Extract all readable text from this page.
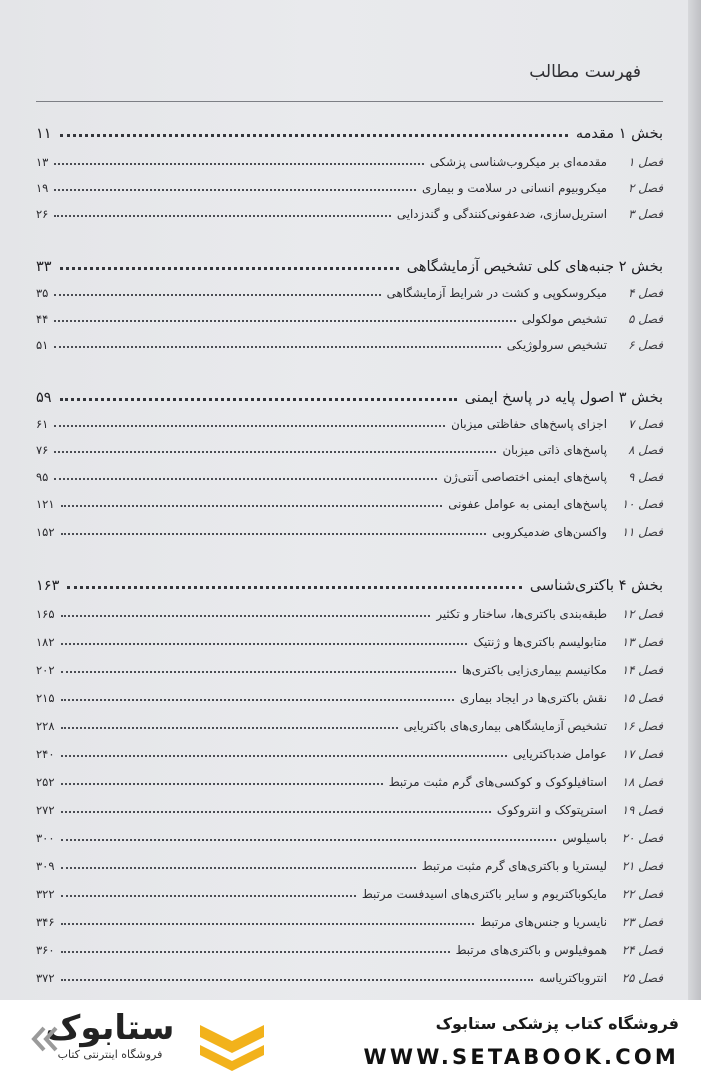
فهرست مطالب
بخش ۱ مقدمه
۱۱
فصل ۱
مقدمه‌ای بر میکروب‌شناسی پزشکی
۱۳
فصل ۲
میکروبیوم انسانی در سلامت و بیماری
۱۹
فصل ۳
استریل‌سازی، ضدعفونی‌کنندگی و گندزدایی
۲۶
بخش ۲ جنبه‌های کلی تشخیص آزمایشگاهی
۳۳
فصل ۴
میکروسکوپی و کشت در شرایط آزمایشگاهی
۳۵
فصل ۵
تشخیص مولکولی
۴۴
فصل ۶
تشخیص سرولوژیکی
۵۱
بخش ۳ اصول پایه در پاسخ ایمنی
۵۹
فصل ۷
اجزای پاسخ‌های حفاظتی میزبان
۶۱
فصل ۸
پاسخ‌های ذاتی میزبان
۷۶
فصل ۹
پاسخ‌های ایمنی اختصاصی آنتی‌ژن
۹۵
فصل ۱۰
پاسخ‌های ایمنی به عوامل عفونی
۱۲۱
فصل ۱۱
واکسن‌های ضدمیکروبی
۱۵۲
بخش ۴ باکتری‌شناسی
۱۶۳
فصل ۱۲
طبقه‌بندی باکتری‌ها، ساختار و تکثیر
۱۶۵
فصل ۱۳
متابولیسم باکتری‌ها و ژنتیک
۱۸۲
فصل ۱۴
مکانیسم بیماری‌زایی باکتری‌ها
۲۰۲
فصل ۱۵
نقش باکتری‌ها در ایجاد بیماری
۲۱۵
فصل ۱۶
تشخیص آزمایشگاهی بیماری‌های باکتریایی
۲۲۸
فصل ۱۷
عوامل ضدباکتریایی
۲۴۰
فصل ۱۸
استافیلوکوک و کوکسی‌های گرم مثبت مرتبط
۲۵۲
فصل ۱۹
استرپتوکک و انتروکوک
۲۷۲
فصل ۲۰
باسیلوس
۳۰۰
فصل ۲۱
لیستریا و باکتری‌های گرم مثبت مرتبط
۳۰۹
فصل ۲۲
مایکوباکتریوم و سایر باکتری‌های اسیدفست مرتبط
۳۲۲
فصل ۲۳
نایسریا و جنس‌های مرتبط
۳۴۶
فصل ۲۴
هموفیلوس و باکتری‌های مرتبط
۳۶۰
فصل ۲۵
انتروباکتریاسه
۳۷۲
فروشگاه کتاب پزشکی ستابوک
WWW.SETABOOK.COM
ستابوک
فروشگاه اینترنتی کتاب
